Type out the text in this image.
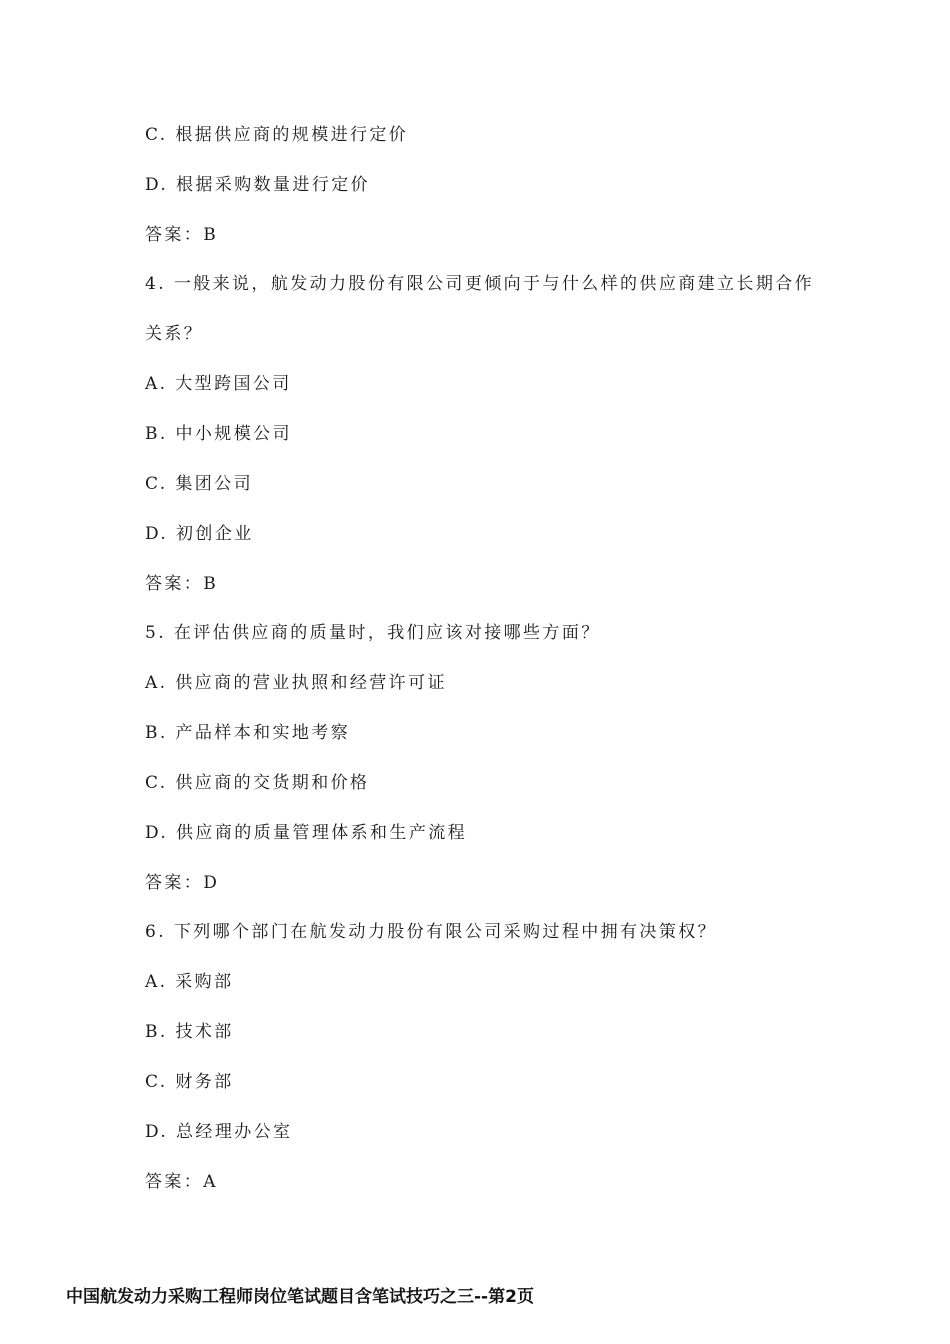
C. 根据供应商的规模进行定价
D. 根据采购数量进行定价
答案：B
4. 一般来说，航发动力股份有限公司更倾向于与什么样的供应商建立长期合作
关系？
A. 大型跨国公司
B. 中小规模公司
C. 集团公司
D. 初创企业
答案：B
5. 在评估供应商的质量时，我们应该对接哪些方面？
A. 供应商的营业执照和经营许可证
B. 产品样本和实地考察
C. 供应商的交货期和价格
D. 供应商的质量管理体系和生产流程
答案：D
6. 下列哪个部门在航发动力股份有限公司采购过程中拥有决策权？
A. 采购部
B. 技术部
C. 财务部
D. 总经理办公室
答案：A
中国航发动力采购工程师岗位笔试题目含笔试技巧之三--第2页
